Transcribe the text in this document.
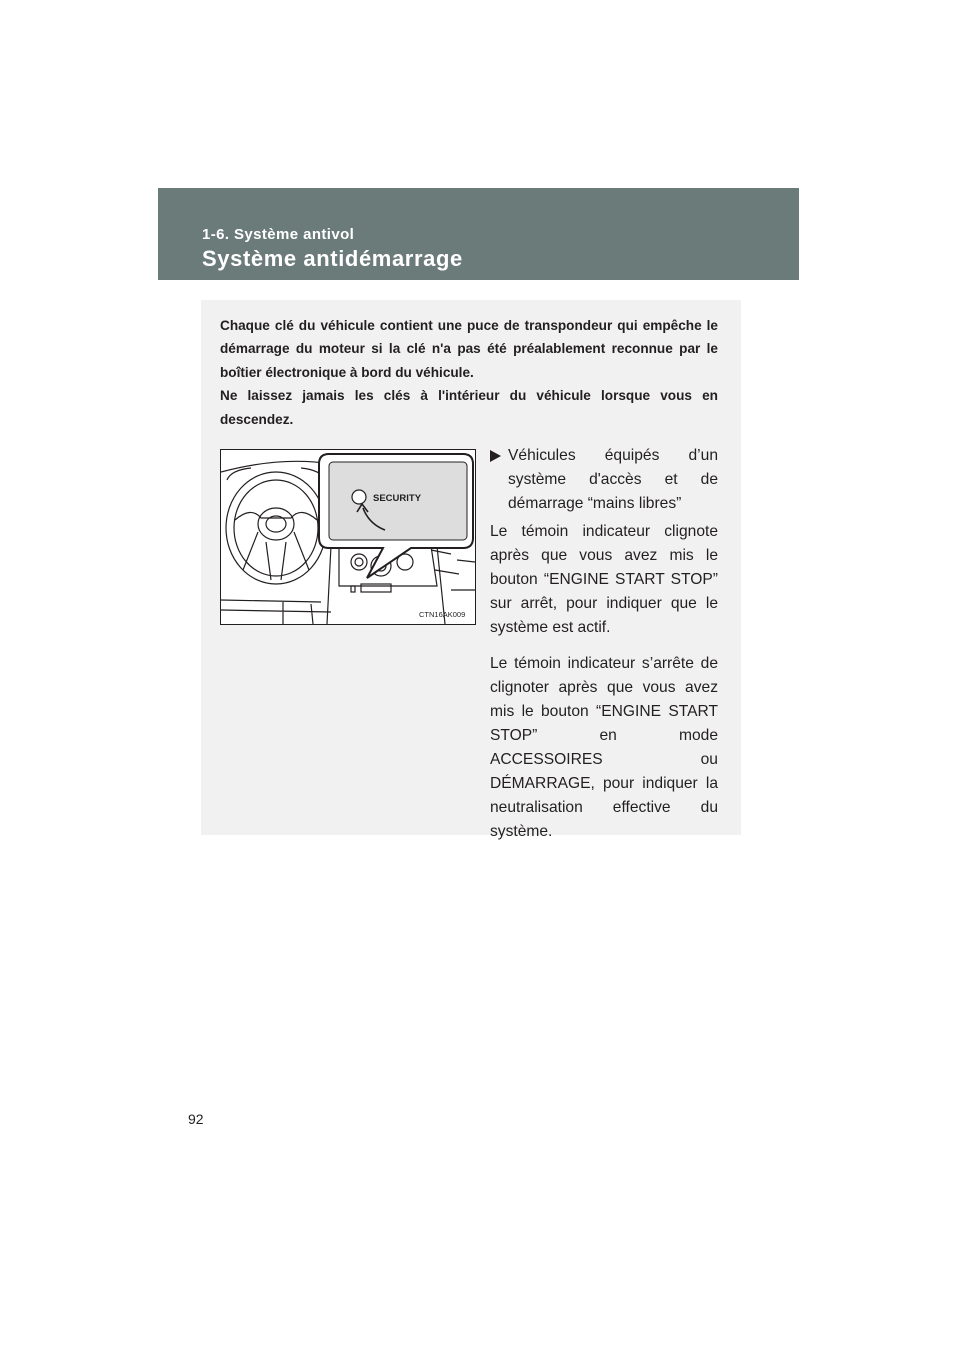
1-6. Système antivol
Système antidémarrage

Chaque clé du véhicule contient une puce de transpondeur qui empêche le démarrage du moteur si la clé n'a pas été préalablement reconnue par le boîtier électronique à bord du véhicule.

Ne laissez jamais les clés à l'intérieur du véhicule lorsque vous en descendez.

SECURITY
CTN16AK009
Véhicules équipés d’un système d'accès et de démarrage “mains libres”

Le témoin indicateur clignote après que vous avez mis le bouton “ENGINE START STOP” sur arrêt, pour indiquer que le système est actif.

Le témoin indicateur s’arrête de clignoter après que vous avez mis le bouton “ENGINE START STOP” en mode ACCESSOIRES ou DÉMARRAGE, pour indiquer la neutralisation effective du système.

92
